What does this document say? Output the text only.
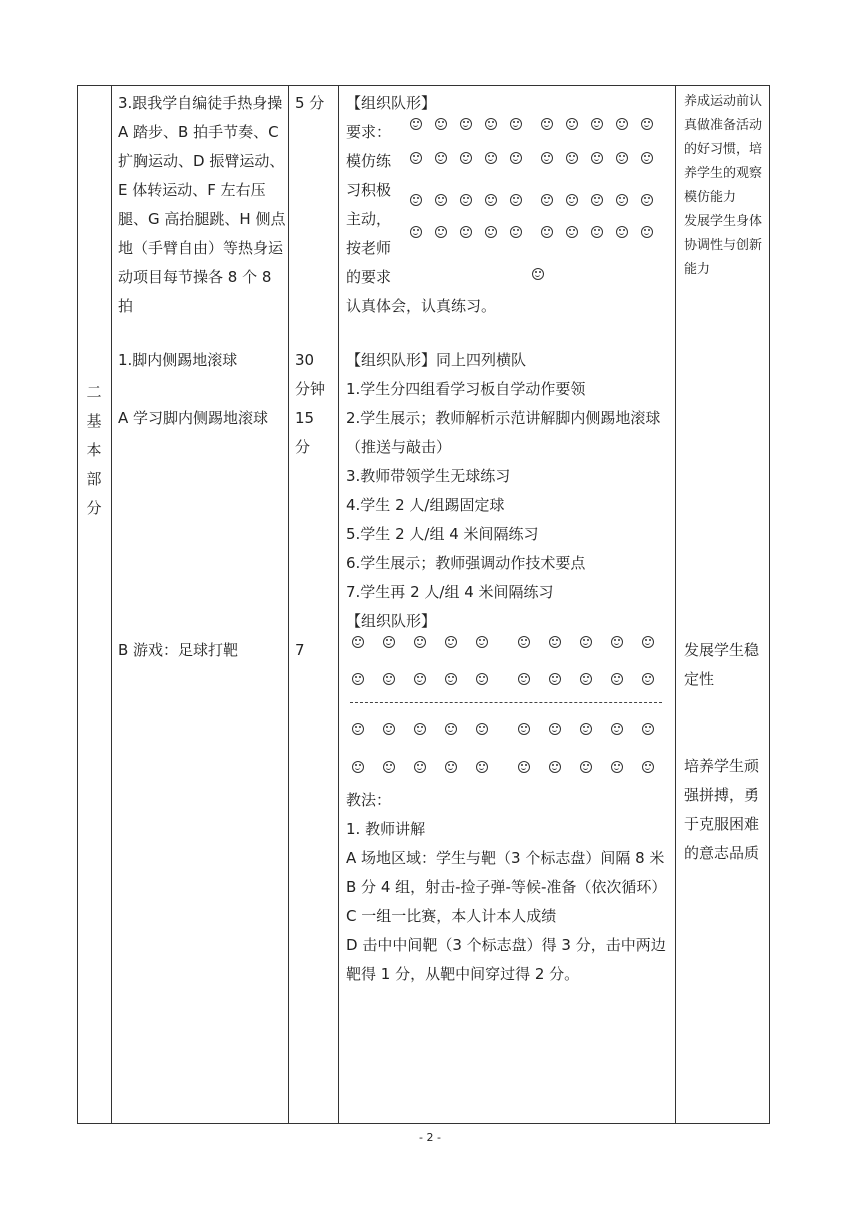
二基本部分
3.跟我学自编徒手热身操
A 踏步、B 拍手节奏、C 扩胸运动、D 振臂运动、E 体转运动、F 左右压腿、G 高抬腿跳、H 侧点地（手臂自由）等热身运动项目每节操各 8 个 8 拍
1.脚内侧踢地滚球

A 学习脚内侧踢地滚球
B 游戏：足球打靶
5 分
30
分钟
15
分
7
【组织队形】
要求：
模仿练
习积极
主动，
按老师
的要求
认真体会，认真练习。
【组织队形】同上四列横队
1.学生分四组看学习板自学动作要领
2.学生展示；教师解析示范讲解脚内侧踢地滚球（推送与敲击）
3.教师带领学生无球练习
4.学生 2 人/组踢固定球
5.学生 2 人/组 4 米间隔练习
6.学生展示；教师强调动作技术要点
7.学生再 2 人/组 4 米间隔练习
【组织队形】
教法：
1. 教师讲解
A 场地区域：学生与靶（3 个标志盘）间隔 8 米
B 分 4 组，射击-捡子弹-等候-准备（依次循环）
C 一组一比赛，本人计本人成绩
D 击中中间靶（3 个标志盘）得 3 分，击中两边靶得 1 分，从靶中间穿过得 2 分。
养成运动前认真做准备活动的好习惯，培养学生的观察模仿能力
发展学生身体协调性与创新能力
发展学生稳定性

培养学生顽强拼搏，勇于克服困难的意志品质
- 2 -
